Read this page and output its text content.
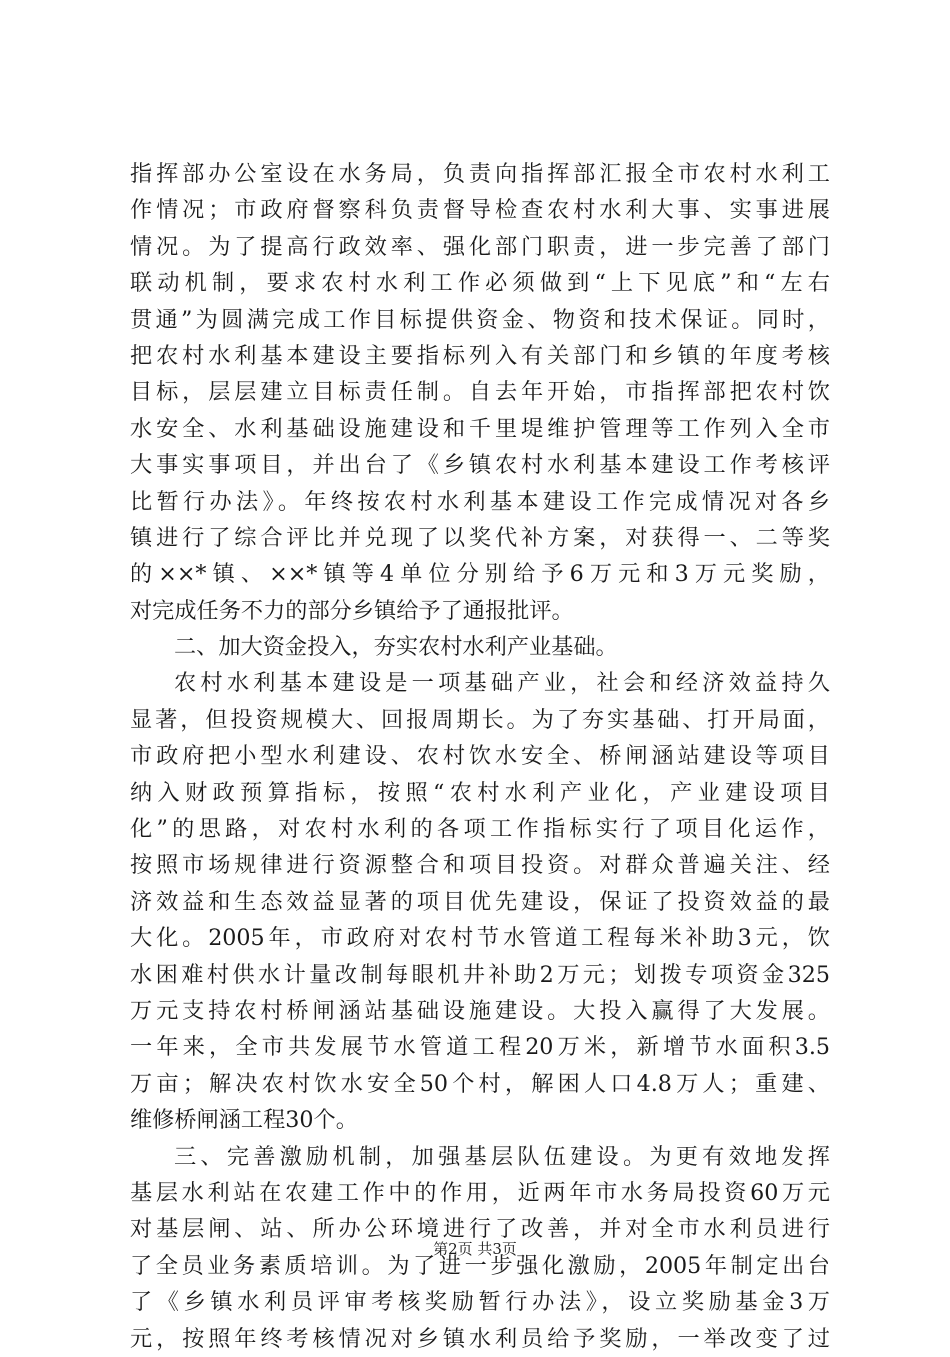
指挥部办公室设在水务局，负责向指挥部汇报全市农村水利工
作情况；市政府督察科负责督导检查农村水利大事、实事进展
情况。为了提高行政效率、强化部门职责，进一步完善了部门
联动机制，要求农村水利工作必须做到“上下见底”和“左右
贯通”为圆满完成工作目标提供资金、物资和技术保证。同时，
把农村水利基本建设主要指标列入有关部门和乡镇的年度考核
目标，层层建立目标责任制。自去年开始，市指挥部把农村饮
水安全、水利基础设施建设和千里堤维护管理等工作列入全市
大事实事项目，并出台了《乡镇农村水利基本建设工作考核评
比暂行办法》。年终按农村水利基本建设工作完成情况对各乡
镇进行了综合评比并兑现了以奖代补方案，对获得一、二等奖
的××*镇、××*镇等4单位分别给予6万元和3万元奖励，
对完成任务不力的部分乡镇给予了通报批评。
二、加大资金投入，夯实农村水利产业基础。
农村水利基本建设是一项基础产业，社会和经济效益持久
显著，但投资规模大、回报周期长。为了夯实基础、打开局面，
市政府把小型水利建设、农村饮水安全、桥闸涵站建设等项目
纳入财政预算指标，按照“农村水利产业化，产业建设项目
化”的思路，对农村水利的各项工作指标实行了项目化运作，
按照市场规律进行资源整合和项目投资。对群众普遍关注、经
济效益和生态效益显著的项目优先建设，保证了投资效益的最
大化。2005年，市政府对农村节水管道工程每米补助3元，饮
水困难村供水计量改制每眼机井补助2万元；划拨专项资金325
万元支持农村桥闸涵站基础设施建设。大投入赢得了大发展。
一年来，全市共发展节水管道工程20万米，新增节水面积3.5
万亩；解决农村饮水安全50个村，解困人口4.8万人；重建、
维修桥闸涵工程30个。
三、完善激励机制，加强基层队伍建设。为更有效地发挥
基层水利站在农建工作中的作用，近两年市水务局投资60万元
对基层闸、站、所办公环境进行了改善，并对全市水利员进行
了全员业务素质培训。为了进一步强化激励，2005年制定出台
了《乡镇水利员评审考核奖励暂行办法》，设立奖励基金3万
元，按照年终考核情况对乡镇水利员给予奖励，一举改变了过
第2页 共3页
